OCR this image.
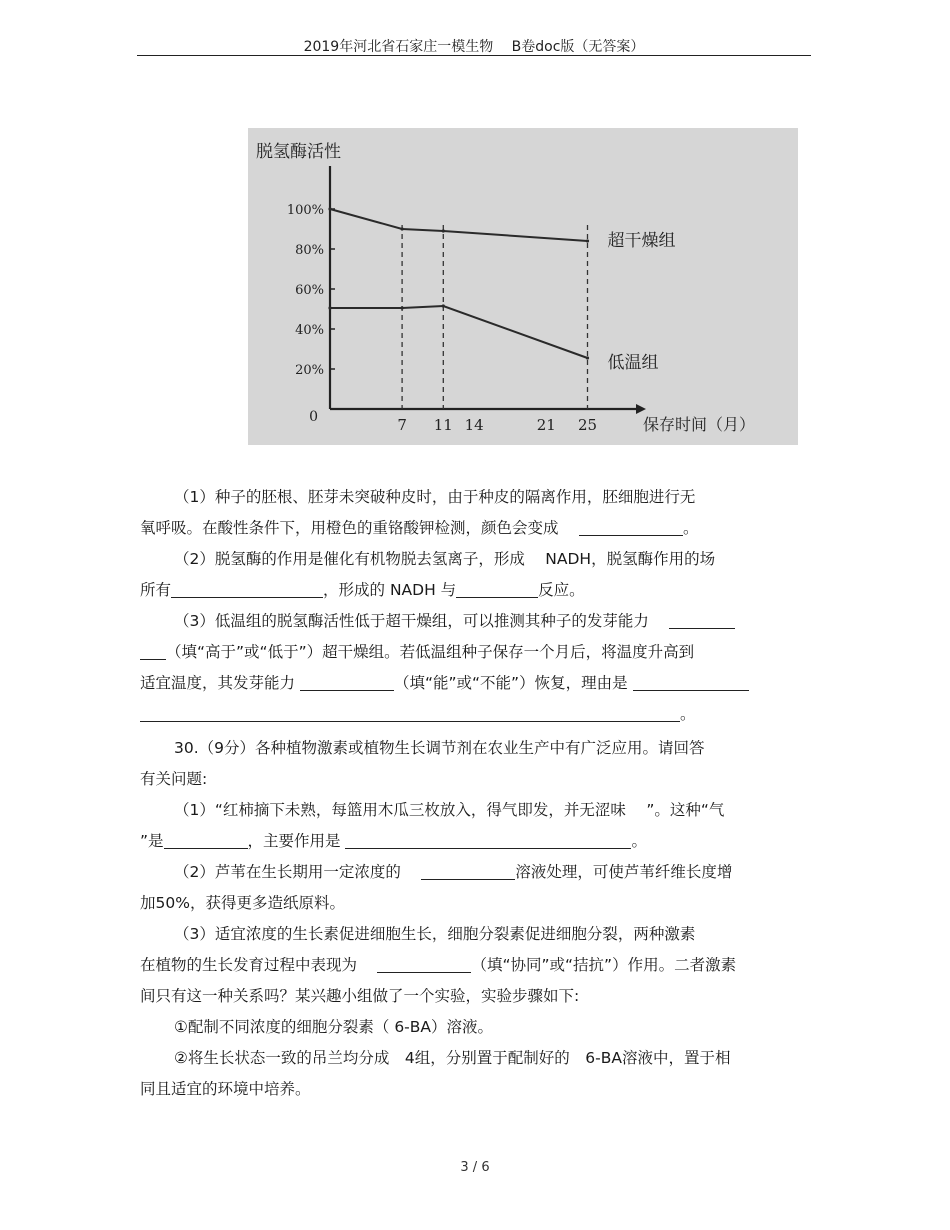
2019年河北省石家庄一模生物　 B卷doc版（无答案）
脱氢酶活性
100%
80%
60%
40%
20%
0	7 11 14	21 25	保存时间（月）
超干燥组
低温组

（1）种子的胚根、胚芽未突破种皮时，由于种皮的隔离作用，胚细胞进行无

氧呼吸。在酸性条件下，用橙色的重铬酸钾检测，颜色会变成　	。

（2）脱氢酶的作用是催化有机物脱去氢离子，形成　 NADH，脱氢酶作用的场

所有	，形成的 NADH 与	反应。

（3）低温组的脱氢酶活性低于超干燥组，可以推测其种子的发芽能力　

（填“高于”或“低于”）超干燥组。若低温组种子保存一个月后，将温度升高到

适宜温度，其发芽能力	（填“能”或“不能”）恢复，理由是

。

30.（9分）各种植物激素或植物生长调节剂在农业生产中有广泛应用。请回答

有关问题:

（1）“红柿摘下未熟，每篮用木瓜三枚放入，得气即发，并无涩味　 ”。这种“气

”是	，主要作用是	。

（2）芦苇在生长期用一定浓度的　	溶液处理，可使芦苇纤维长度增

加50%，获得更多造纸原料。

（3）适宜浓度的生长素促进细胞生长，细胞分裂素促进细胞分裂，两种激素

在植物的生长发育过程中表现为　	（填“协同”或“拮抗”）作用。二者激素

间只有这一种关系吗？某兴趣小组做了一个实验，实验步骤如下:

①配制不同浓度的细胞分裂素（ 6-BA）溶液。

②将生长状态一致的吊兰均分成　4组，分别置于配制好的　6-BA溶液中，置于相

同且适宜的环境中培养。

3 / 6
